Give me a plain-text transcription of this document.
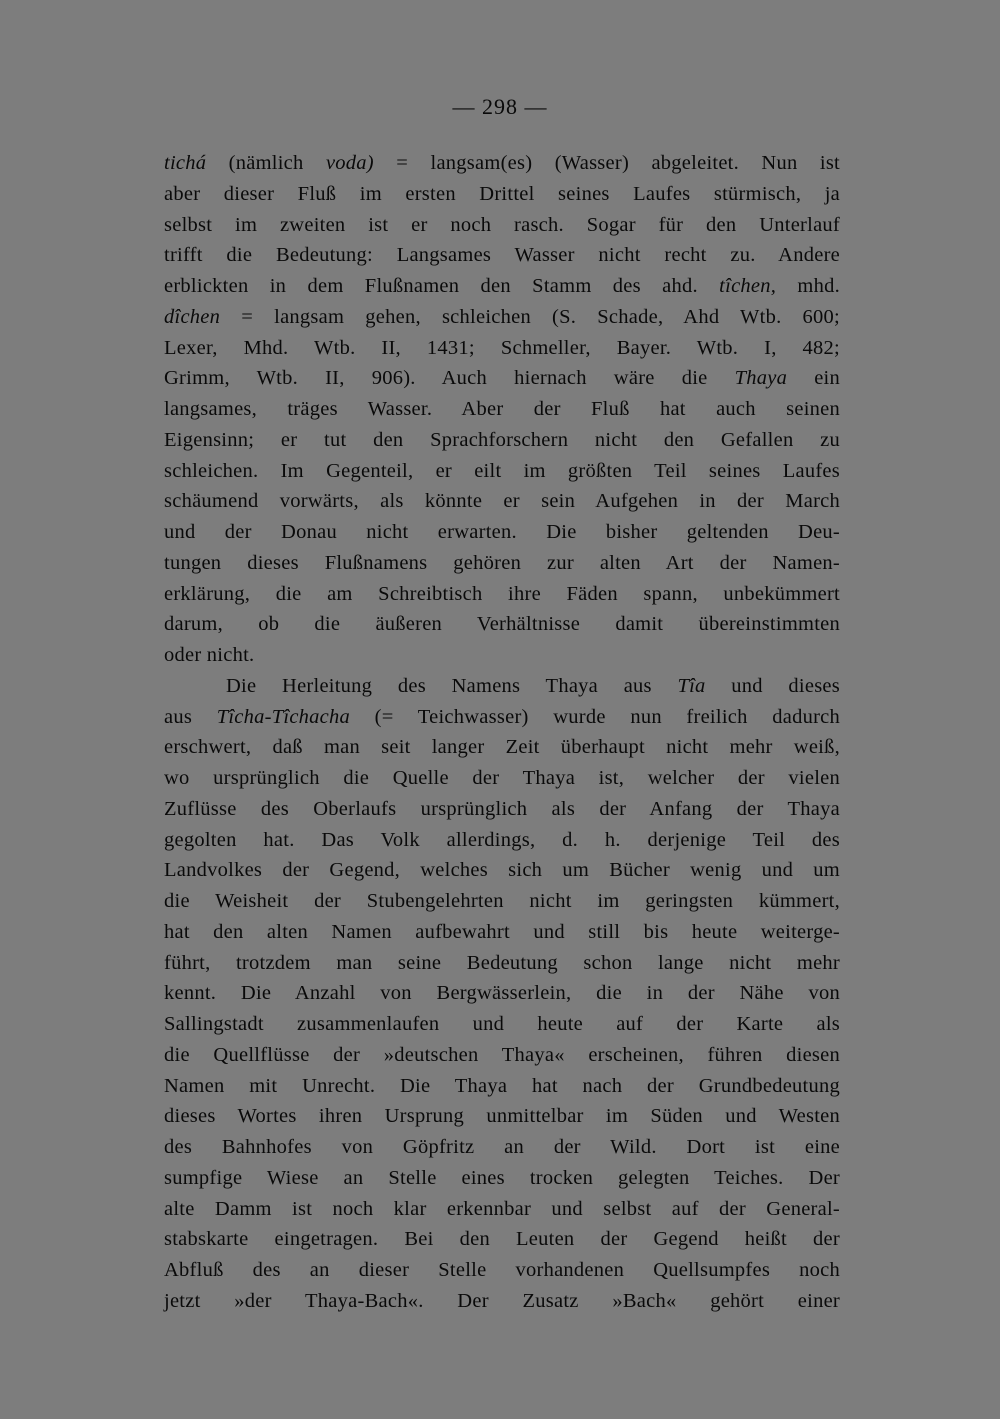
— 298 —
tichá (nämlich voda) = langsam(es) (Wasser) abgeleitet. Nun ist
aber dieser Fluß im ersten Drittel seines Laufes stürmisch, ja
selbst im zweiten ist er noch rasch. Sogar für den Unterlauf
trifft die Bedeutung: Langsames Wasser nicht recht zu. Andere
erblickten in dem Flußnamen den Stamm des ahd. tîchen, mhd.
dîchen = langsam gehen, schleichen (S. Schade, Ahd Wtb. 600;
Lexer, Mhd. Wtb. II, 1431; Schmeller, Bayer. Wtb. I, 482;
Grimm, Wtb. II, 906). Auch hiernach wäre die Thaya ein
langsames, träges Wasser. Aber der Fluß hat auch seinen
Eigensinn; er tut den Sprachforschern nicht den Gefallen zu
schleichen. Im Gegenteil, er eilt im größten Teil seines Laufes
schäumend vorwärts, als könnte er sein Aufgehen in der March
und der Donau nicht erwarten. Die bisher geltenden Deu-
tungen dieses Flußnamens gehören zur alten Art der Namen-
erklärung, die am Schreibtisch ihre Fäden spann, unbekümmert
darum, ob die äußeren Verhältnisse damit übereinstimmten
oder nicht.
Die Herleitung des Namens Thaya aus Tîa und dieses
aus Tîcha-Tîchacha (= Teichwasser) wurde nun freilich dadurch
erschwert, daß man seit langer Zeit überhaupt nicht mehr weiß,
wo ursprünglich die Quelle der Thaya ist, welcher der vielen
Zuflüsse des Oberlaufs ursprünglich als der Anfang der Thaya
gegolten hat. Das Volk allerdings, d. h. derjenige Teil des
Landvolkes der Gegend, welches sich um Bücher wenig und um
die Weisheit der Stubengelehrten nicht im geringsten kümmert,
hat den alten Namen aufbewahrt und still bis heute weiterge-
führt, trotzdem man seine Bedeutung schon lange nicht mehr
kennt. Die Anzahl von Bergwässerlein, die in der Nähe von
Sallingstadt zusammenlaufen und heute auf der Karte als
die Quellflüsse der »deutschen Thaya« erscheinen, führen diesen
Namen mit Unrecht. Die Thaya hat nach der Grundbedeutung
dieses Wortes ihren Ursprung unmittelbar im Süden und Westen
des Bahnhofes von Göpfritz an der Wild. Dort ist eine
sumpfige Wiese an Stelle eines trocken gelegten Teiches. Der
alte Damm ist noch klar erkennbar und selbst auf der General-
stabskarte eingetragen. Bei den Leuten der Gegend heißt der
Abfluß des an dieser Stelle vorhandenen Quellsumpfes noch
jetzt »der Thaya-Bach«. Der Zusatz »Bach« gehört einer
